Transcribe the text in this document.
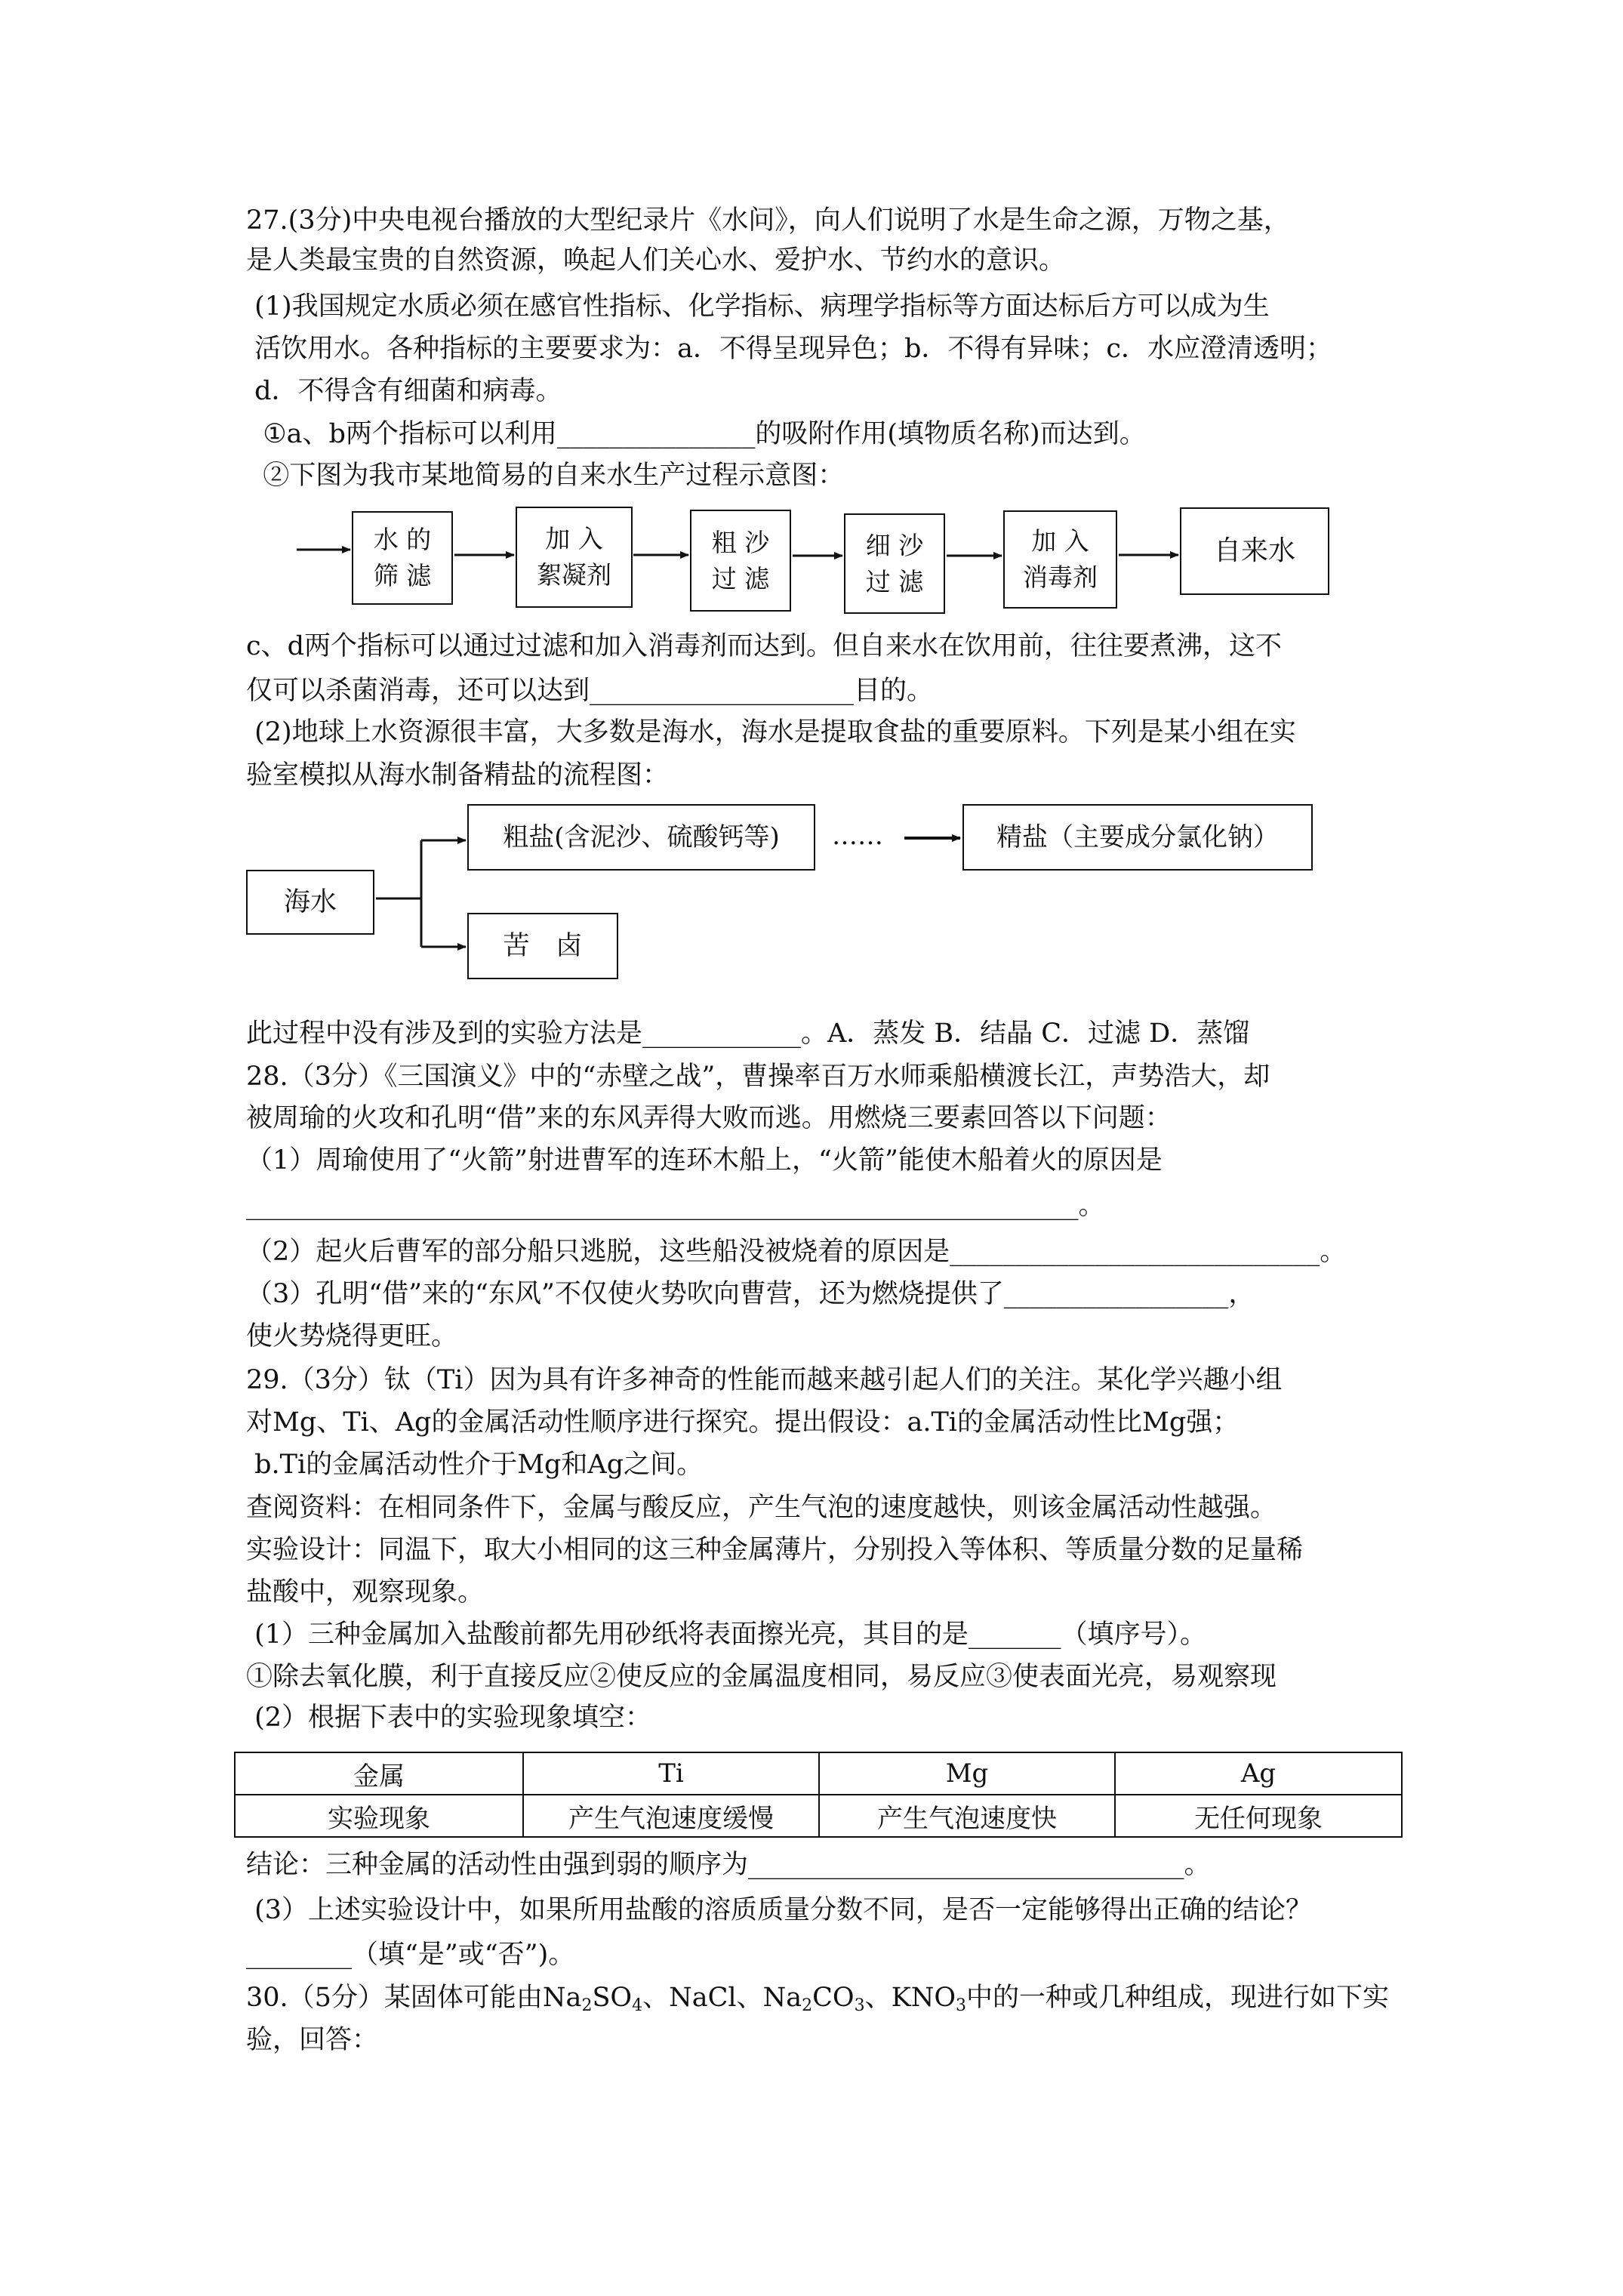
27.(3分)中央电视台播放的大型纪录片《水问》，向人们说明了水是生命之源，万物之基，
是人类最宝贵的自然资源，唤起人们关心水、爱护水、节约水的意识。
(1)我国规定水质必须在感官性指标、化学指标、病理学指标等方面达标后方可以成为生
活饮用水。各种指标的主要要求为：a．不得呈现异色；b．不得有异味；c．水应澄清透明；
d．不得含有细菌和病毒。
①a、b两个指标可以利用_______________的吸附作用(填物质名称)而达到。
②下图为我市某地简易的自来水生产过程示意图：
水 的
筛 滤
加 入
絮凝剂
粗 沙
过 滤
细 沙
过 滤
加 入
消毒剂
自来水
c、d两个指标可以通过过滤和加入消毒剂而达到。但自来水在饮用前，往往要煮沸，这不
仅可以杀菌消毒，还可以达到____________________目的。
(2)地球上水资源很丰富，大多数是海水，海水是提取食盐的重要原料。下列是某小组在实
验室模拟从海水制备精盐的流程图：
海水
粗盐(含泥沙、硫酸钙等)	……	精盐（主要成分氯化钠）
苦　卤
此过程中没有涉及到的实验方法是____________。A．蒸发 B．结晶 C．过滤 D．蒸馏
28.（3分）《三国演义》中的“赤壁之战”，曹操率百万水师乘船横渡长江，声势浩大，却
被周瑜的火攻和孔明“借”来的东风弄得大败而逃。用燃烧三要素回答以下问题：
（1）周瑜使用了“火箭”射进曹军的连环木船上，“火箭”能使木船着火的原因是
_______________________________________________________________。
（2）起火后曹军的部分船只逃脱，这些船没被烧着的原因是____________________________。
（3）孔明“借”来的“东风”不仅使火势吹向曹营，还为燃烧提供了_________________，
使火势烧得更旺。
29.（3分）钛（Ti）因为具有许多神奇的性能而越来越引起人们的关注。某化学兴趣小组
对Mg、Ti、Ag的金属活动性顺序进行探究。提出假设：a.Ti的金属活动性比Mg强；
b.Ti的金属活动性介于Mg和Ag之间。
查阅资料：在相同条件下，金属与酸反应，产生气泡的速度越快，则该金属活动性越强。
实验设计：同温下，取大小相同的这三种金属薄片，分别投入等体积、等质量分数的足量稀
盐酸中，观察现象。
(1）三种金属加入盐酸前都先用砂纸将表面擦光亮，其目的是_______（填序号）。
①除去氧化膜，利于直接反应②使反应的金属温度相同，易反应③使表面光亮，易观察现
(2）根据下表中的实验现象填空：
金属	Ti	Mg	Ag
实验现象	产生气泡速度缓慢	产生气泡速度快	无任何现象
结论：三种金属的活动性由强到弱的顺序为_________________________________。
(3）上述实验设计中，如果所用盐酸的溶质质量分数不同，是否一定能够得出正确的结论？
________（填“是”或“否”)。
30.（5分）某固体可能由$Na_2SO_4$、NaCl、$Na_2CO_3$、$KNO_3$中的一种或几种组成，现进行如下实
验，回答：
